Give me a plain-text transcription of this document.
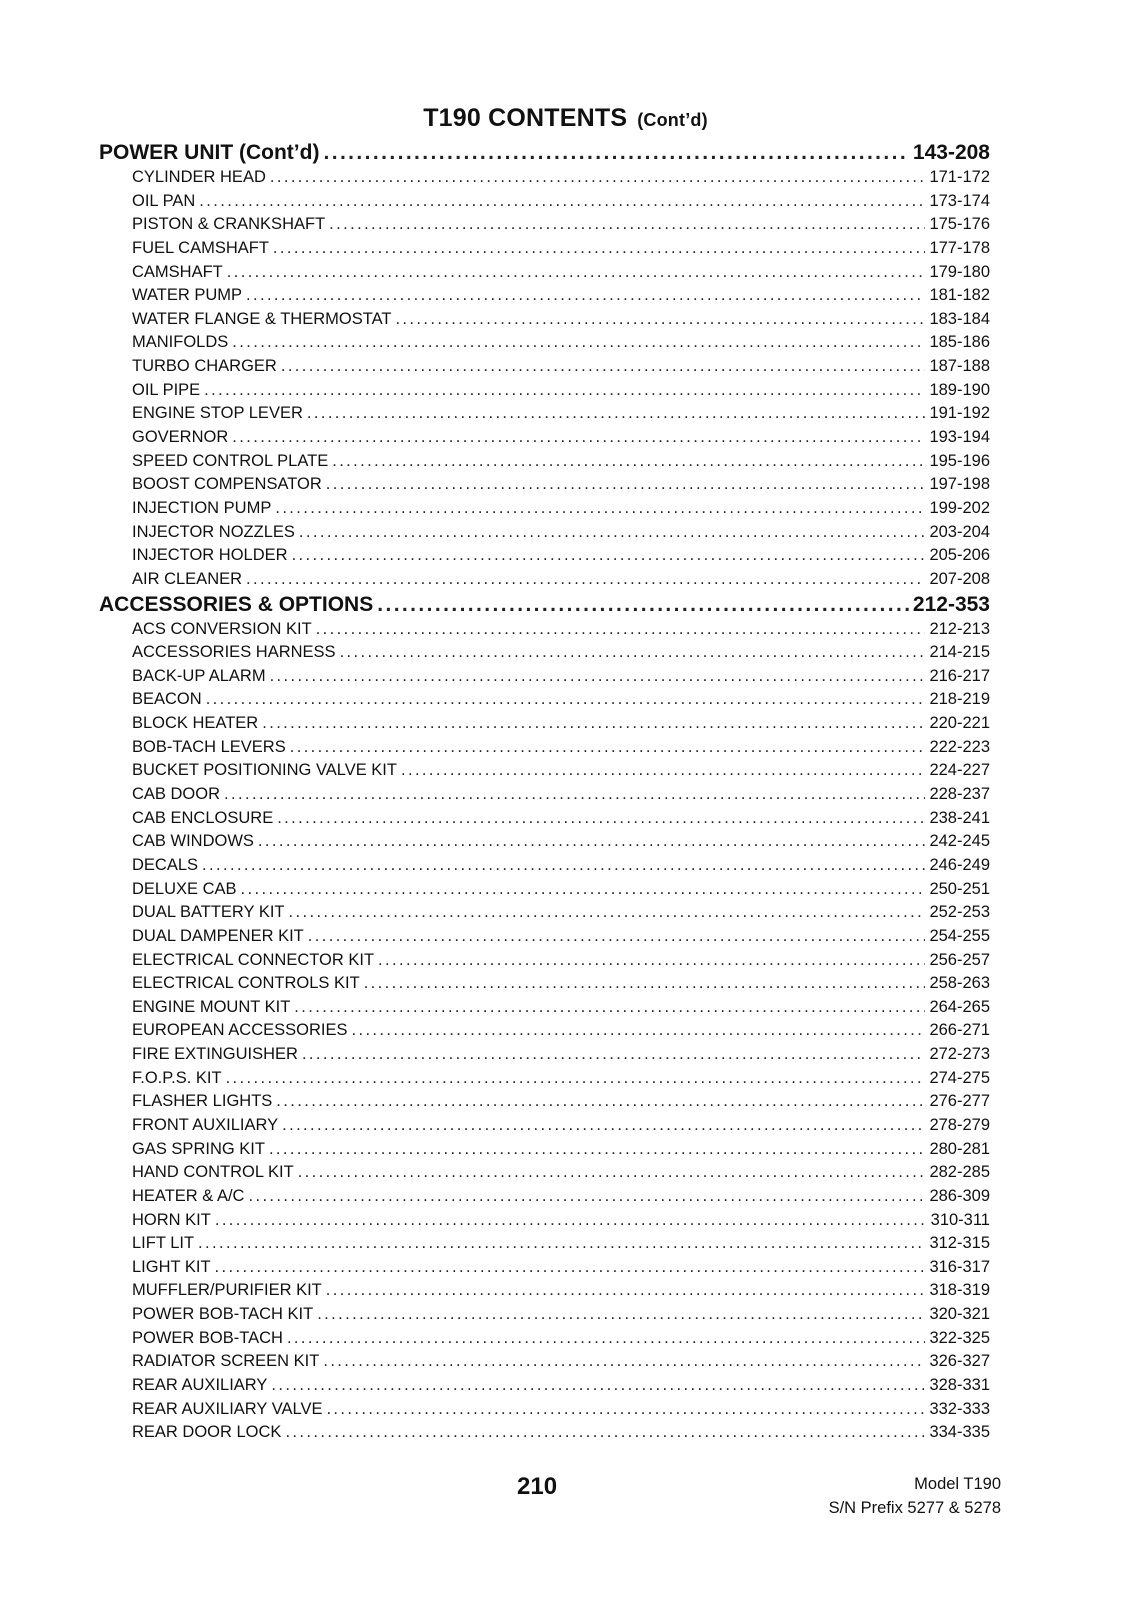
T190 CONTENTS (Cont’d)
POWER UNIT (Cont’d) .....	143-208
CYLINDER HEAD .....	171-172
OIL PAN .....	173-174
PISTON & CRANKSHAFT .....	175-176
FUEL CAMSHAFT .....	177-178
CAMSHAFT .....	179-180
WATER PUMP .....	181-182
WATER FLANGE & THERMOSTAT .....	183-184
MANIFOLDS .....	185-186
TURBO CHARGER .....	187-188
OIL PIPE .....	189-190
ENGINE STOP LEVER .....	191-192
GOVERNOR .....	193-194
SPEED CONTROL PLATE .....	195-196
BOOST COMPENSATOR .....	197-198
INJECTION PUMP .....	199-202
INJECTOR NOZZLES .....	203-204
INJECTOR HOLDER .....	205-206
AIR CLEANER .....	207-208
ACCESSORIES & OPTIONS .....	212-353
ACS CONVERSION KIT .....	212-213
ACCESSORIES HARNESS .....	214-215
BACK-UP ALARM .....	216-217
BEACON .....	218-219
BLOCK HEATER .....	220-221
BOB-TACH LEVERS .....	222-223
BUCKET POSITIONING VALVE KIT .....	224-227
CAB DOOR .....	228-237
CAB ENCLOSURE .....	238-241
CAB WINDOWS .....	242-245
DECALS .....	246-249
DELUXE CAB .....	250-251
DUAL BATTERY KIT .....	252-253
DUAL DAMPENER KIT .....	254-255
ELECTRICAL CONNECTOR KIT .....	256-257
ELECTRICAL CONTROLS KIT .....	258-263
ENGINE MOUNT KIT .....	264-265
EUROPEAN ACCESSORIES .....	266-271
FIRE EXTINGUISHER .....	272-273
F.O.P.S. KIT .....	274-275
FLASHER LIGHTS .....	276-277
FRONT AUXILIARY .....	278-279
GAS SPRING KIT .....	280-281
HAND CONTROL KIT .....	282-285
HEATER & A/C .....	286-309
HORN KIT .....	310-311
LIFT LIT .....	312-315
LIGHT KIT .....	316-317
MUFFLER/PURIFIER KIT .....	318-319
POWER BOB-TACH KIT .....	320-321
POWER BOB-TACH .....	322-325
RADIATOR SCREEN KIT .....	326-327
REAR AUXILIARY .....	328-331
REAR AUXILIARY VALVE .....	332-333
REAR DOOR LOCK .....	334-335
210	Model T190
S/N Prefix 5277 & 5278
